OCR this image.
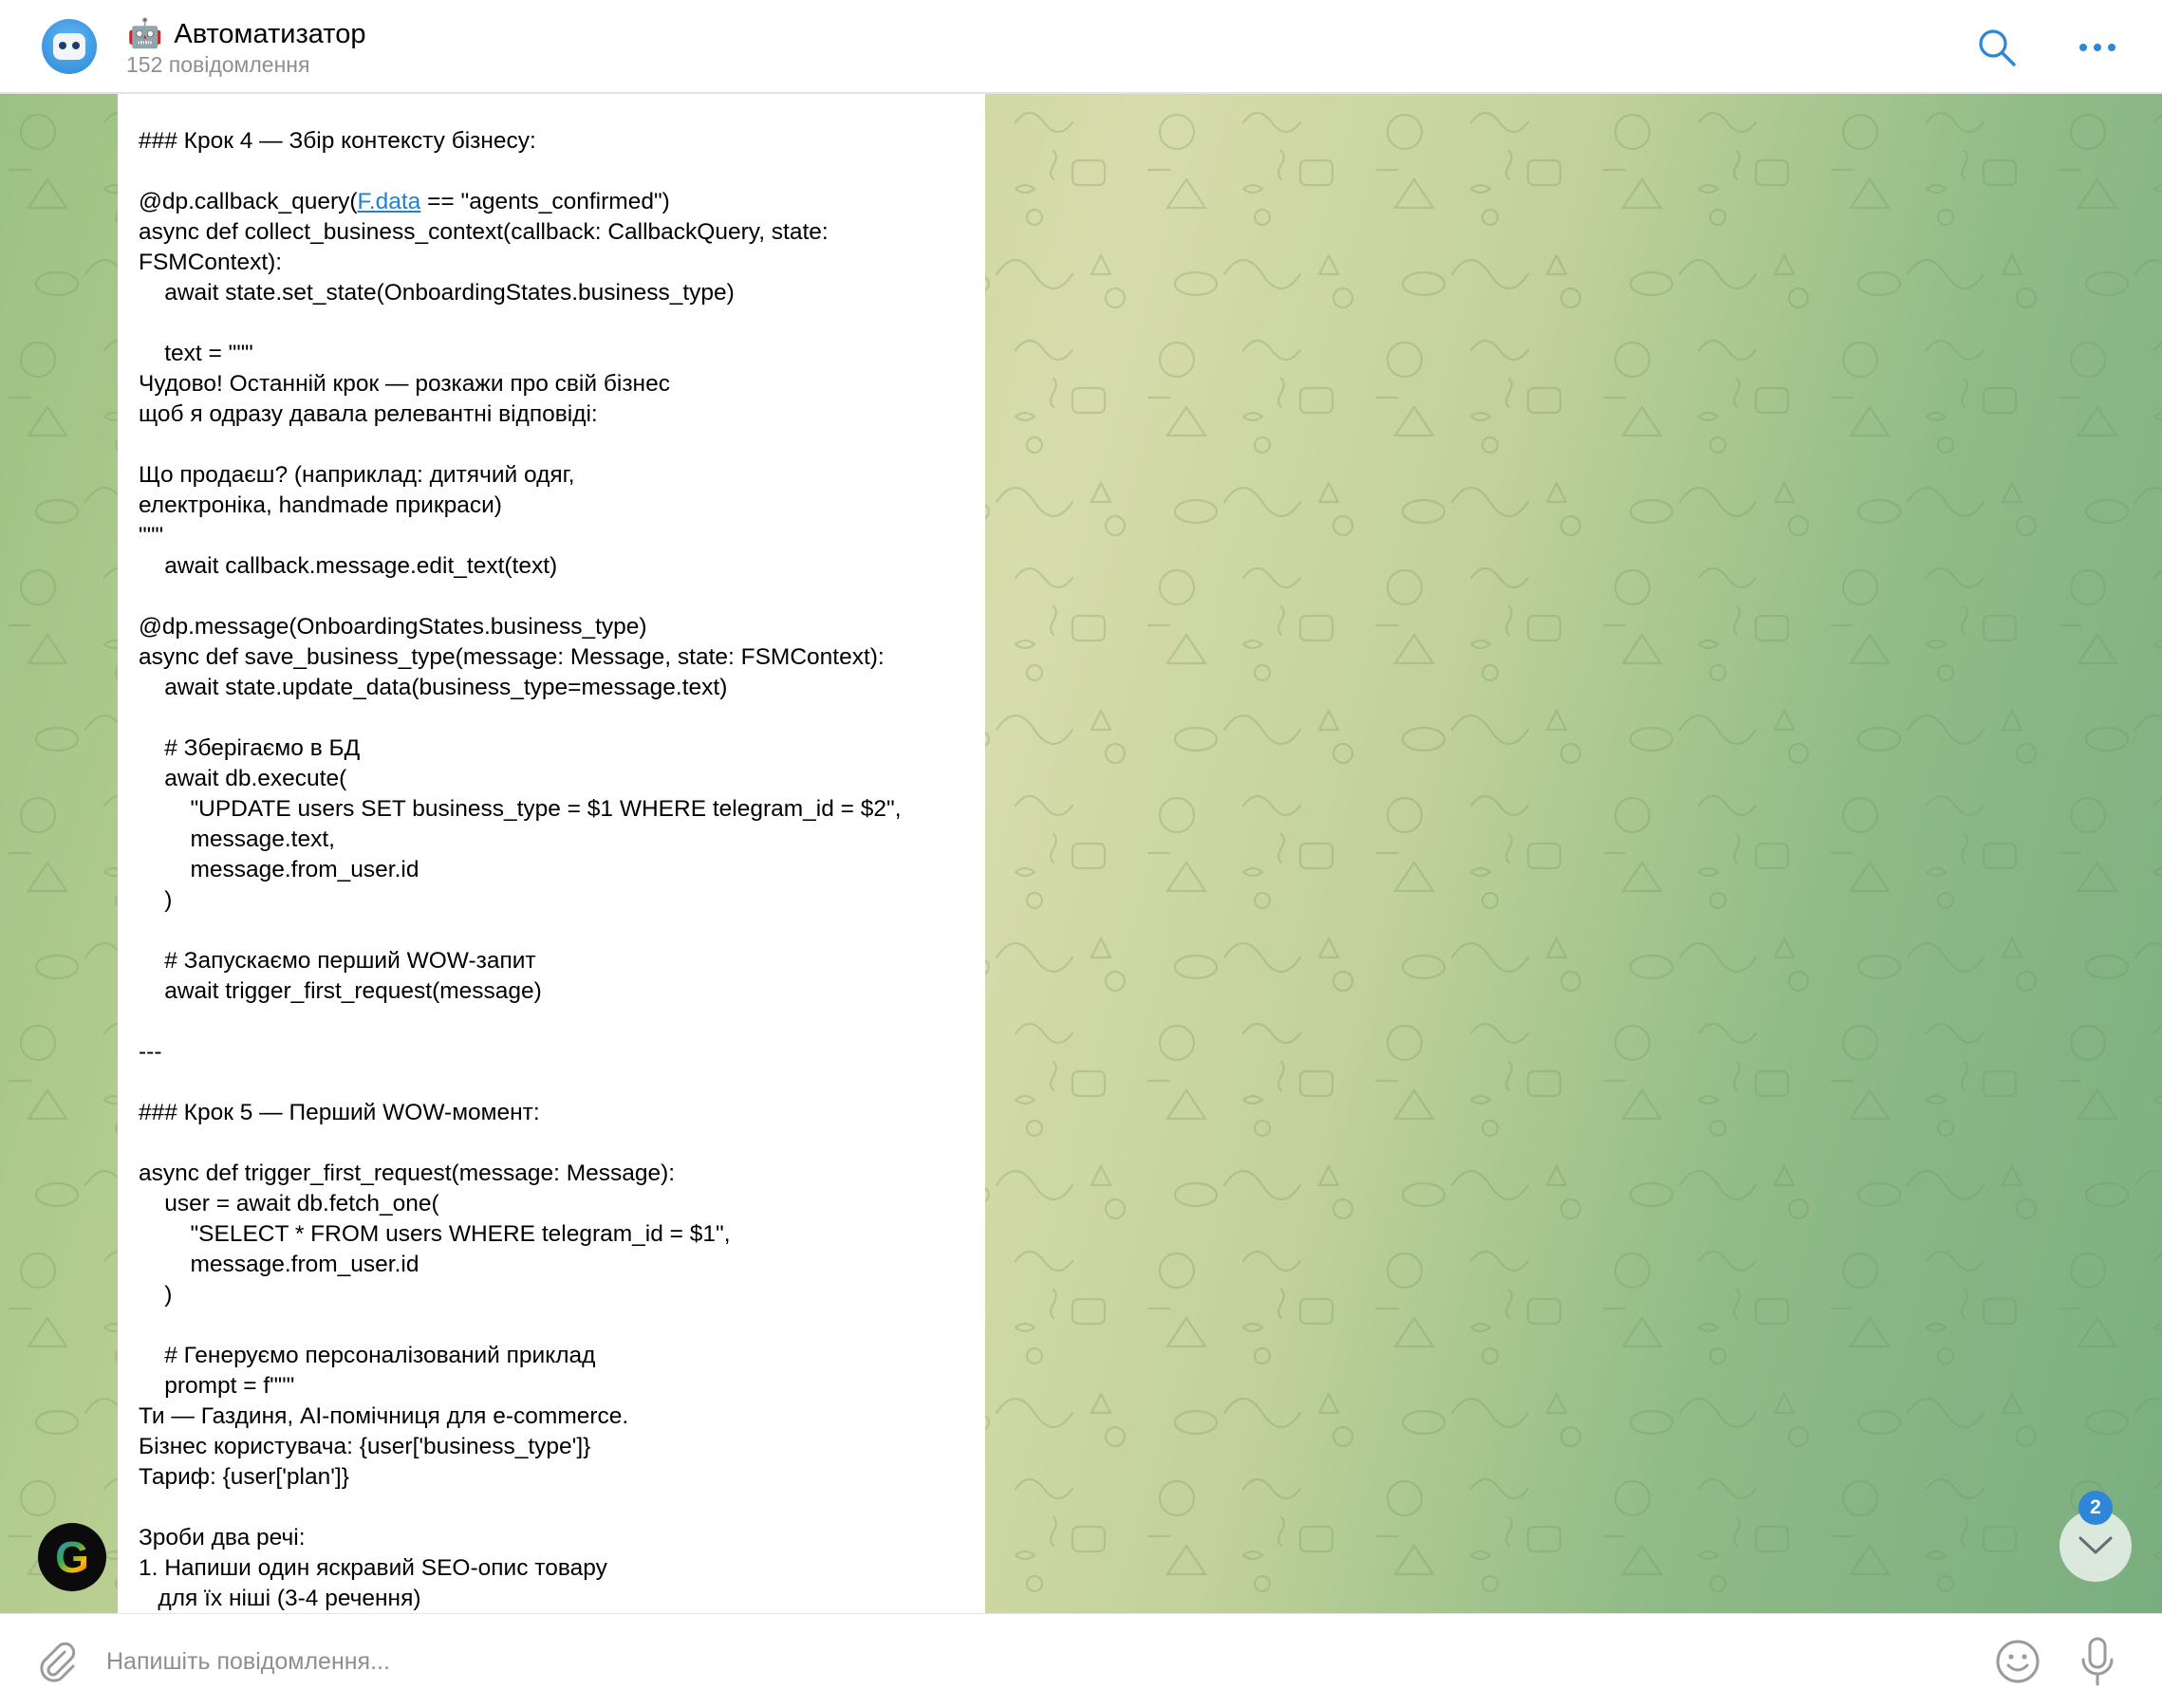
🤖 Автоматизатор
152 повідомлення
### Крок 4 — Збір контексту бізнесу:
@dp.callback_query(F.data == "agents_confirmed")
async def collect_business_context(callback: CallbackQuery, state:
FSMContext):
await state.set_state(OnboardingStates.business_type)
text = """
Чудово! Останній крок — розкажи про свій бізнес
щоб я одразу давала релевантні відповіді:
Що продаєш? (наприклад: дитячий одяг,
електроніка, handmade прикраси)
"""
await callback.message.edit_text(text)
@dp.message(OnboardingStates.business_type)
async def save_business_type(message: Message, state: FSMContext):
await state.update_data(business_type=message.text)
# Зберігаємо в БД
await db.execute(
"UPDATE users SET business_type = $1 WHERE telegram_id = $2",
message.text,
message.from_user.id
)
# Запускаємо перший WOW-запит
await trigger_first_request(message)
---
### Крок 5 — Перший WOW-момент:
async def trigger_first_request(message: Message):
user = await db.fetch_one(
"SELECT * FROM users WHERE telegram_id = $1",
message.from_user.id
)
# Генеруємо персоналізований приклад
prompt = f"""
Ти — Газдиня, AI-помічниця для e-commerce.
Бізнес користувача: {user['business_type']}
Тариф: {user['plan']}
Зроби два речі:
1. Напиши один яскравий SEO-опис товару
для їх ніші (3-4 речення)
G
2
Напишіть повідомлення...
